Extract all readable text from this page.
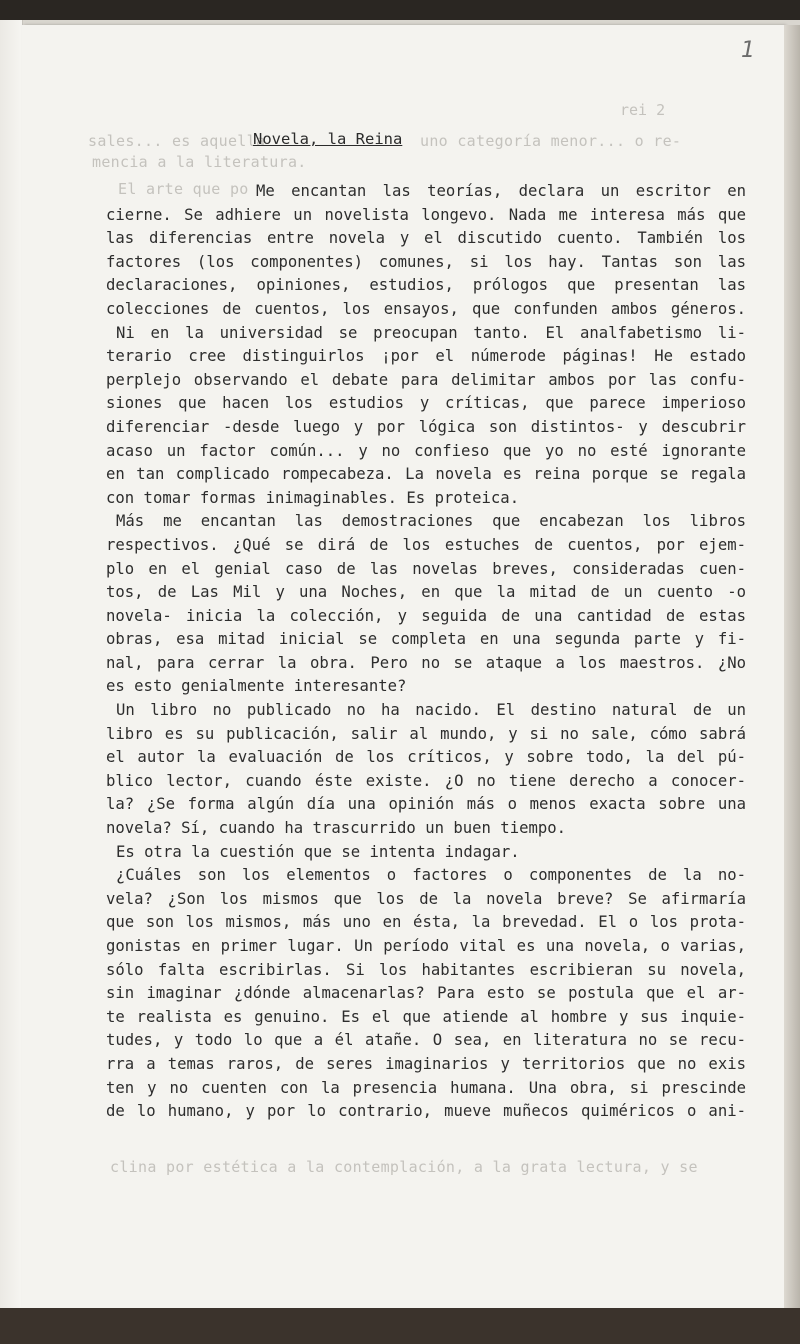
1
rei 2
sales... es aquella
mencia a la literatura.
El arte que po
uno categoría menor... o re-
Novela, la Reina
Me encantan las teorías, declara un escritor en
cierne. Se adhiere un novelista longevo. Nada me interesa más que
las diferencias entre novela y el discutido cuento. También los
factores (los componentes) comunes, si los hay. Tantas son las
declaraciones, opiniones, estudios, prólogos que presentan las
colecciones de cuentos, los ensayos, que confunden ambos géneros.
Ni en la universidad se preocupan tanto. El analfabetismo li-
terario cree distinguirlos ¡por el númerode páginas! He estado
perplejo observando el debate para delimitar ambos por las confu-
siones que hacen los estudios y críticas, que parece imperioso
diferenciar -desde luego y por lógica son distintos- y descubrir
acaso un factor común... y no confieso que yo no esté ignorante
en tan complicado rompecabeza. La novela es reina porque se regala
con tomar formas inimaginables. Es proteica.
Más me encantan las demostraciones que encabezan los libros
respectivos. ¿Qué se dirá de los estuches de cuentos, por ejem-
plo en el genial caso de las novelas breves, consideradas cuen-
tos, de Las Mil y una Noches, en que la mitad de un cuento -o
novela- inicia la colección, y seguida de una cantidad de estas
obras, esa mitad inicial se completa en una segunda parte y fi-
nal, para cerrar la obra. Pero no se ataque a los maestros. ¿No
es esto genialmente interesante?
Un libro no publicado no ha nacido. El destino natural de un
libro es su publicación, salir al mundo, y si no sale, cómo sabrá
el autor la evaluación de los críticos, y sobre todo, la del pú-
blico lector, cuando éste existe. ¿O no tiene derecho a conocer-
la? ¿Se forma algún día una opinión más o menos exacta sobre una
novela? Sí, cuando ha trascurrido un buen tiempo.
Es otra la cuestión que se intenta indagar.
¿Cuáles son los elementos o factores o componentes de la no-
vela? ¿Son los mismos que los de la novela breve? Se afirmaría
que son los mismos, más uno en ésta, la brevedad. El o los prota-
gonistas en primer lugar. Un período vital es una novela, o varias,
sólo falta escribirlas. Si los habitantes escribieran su novela,
sin imaginar ¿dónde almacenarlas? Para esto se postula que el ar-
te realista es genuino. Es el que atiende al hombre y sus inquie-
tudes, y todo lo que a él atañe. O sea, en literatura no se recu-
rra a temas raros, de seres imaginarios y territorios que no exis
ten y no cuenten con la presencia humana. Una obra, si prescinde
de lo humano, y por lo contrario, mueve muñecos quiméricos o ani-
clina por estética a la contemplación, a la grata lectura, y se
